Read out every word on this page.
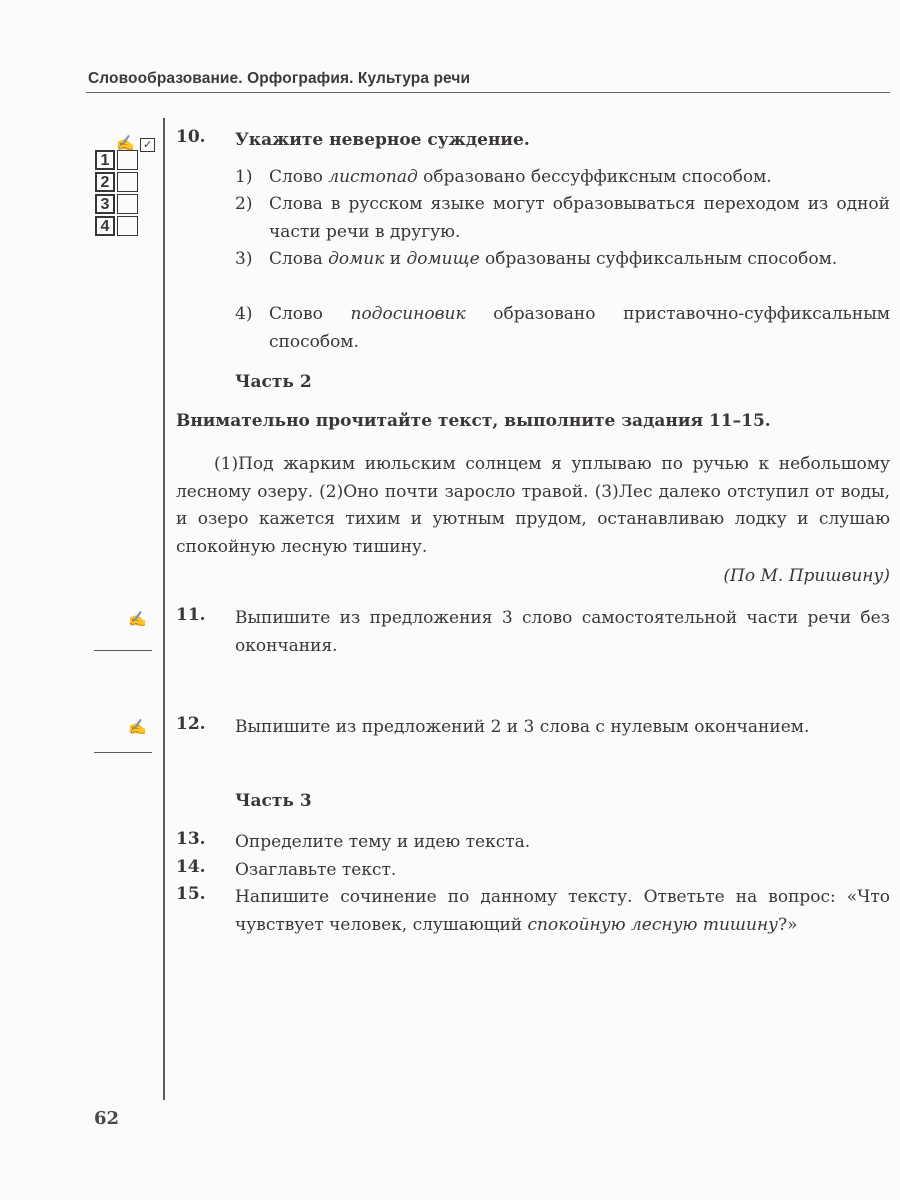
Словообразование. Орфография. Культура речи
✍ ✓
1
2
3
4
10. Укажите неверное суждение.
1) Слово листопад образовано бессуффиксным способом.
2) Слова в русском языке могут образовываться переходом из одной части речи в другую.
3) Слова домик и домище образованы суффиксальным способом.
4) Слово подосиновик образовано приставочно-суффиксальным способом.
Часть 2
Внимательно прочитайте текст, выполните задания 11–15.
(1)Под жарким июльским солнцем я уплываю по ручью к небольшому лесному озеру. (2)Оно почти заросло травой. (3)Лес далеко отступил от воды, и озеро кажется тихим и уютным прудом, останавливаю лодку и слушаю спокойную лесную тишину.
(По М. Пришвину)
✍ 11. Выпишите из предложения 3 слово самостоятельной части речи без окончания.
✍ 12. Выпишите из предложений 2 и 3 слова с нулевым окончанием.
Часть 3
13. Определите тему и идею текста.
14. Озаглавьте текст.
15. Напишите сочинение по данному тексту. Ответьте на вопрос: «Что чувствует человек, слушающий спокойную лесную тишину?»
62
